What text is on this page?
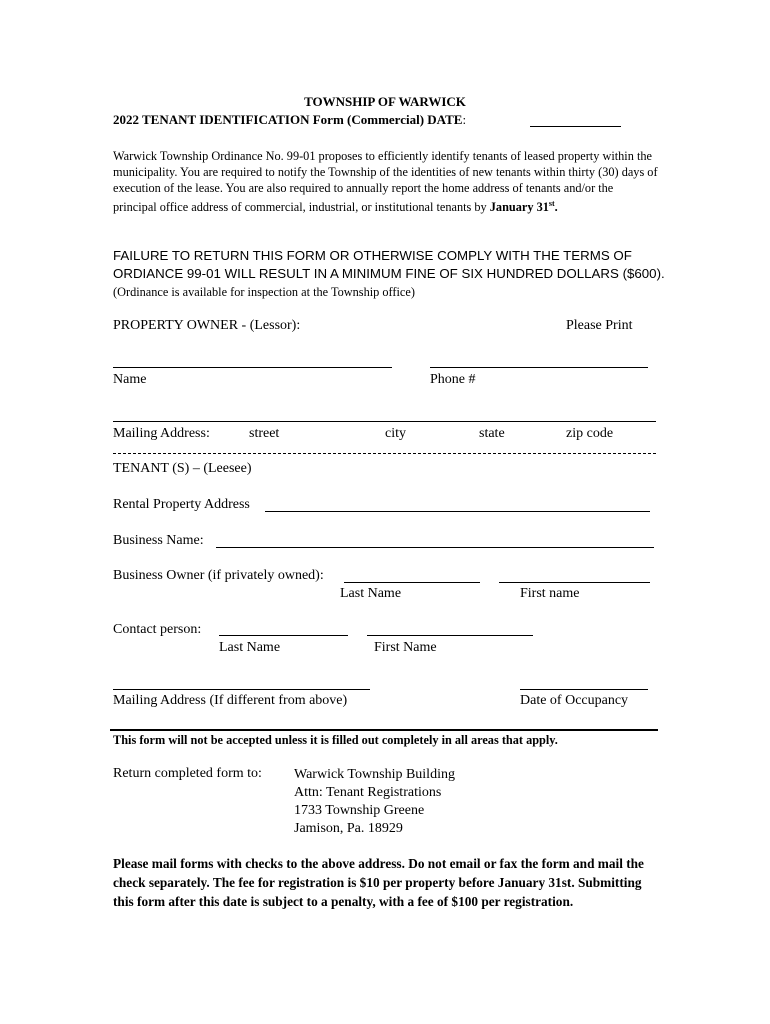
TOWNSHIP OF WARWICK
2022 TENANT IDENTIFICATION Form (Commercial) DATE:
Warwick Township Ordinance No. 99-01 proposes to efficiently identify tenants of leased property within the municipality. You are required to notify the Township of the identities of new tenants within thirty (30) days of execution of the lease. You are also required to annually report the home address of tenants and/or the principal office address of commercial, industrial, or institutional tenants by January 31st.
FAILURE TO RETURN THIS FORM OR OTHERWISE COMPLY WITH THE TERMS OF ORDIANCE 99-01 WILL RESULT IN A MINIMUM FINE OF SIX HUNDRED DOLLARS ($600). (Ordinance is available for inspection at the Township office)
PROPERTY OWNER - (Lessor):	Please Print
Name	Phone #
Mailing Address:	street	city	state	zip code
TENANT (S) – (Leesee)
Rental Property Address
Business Name:
Business Owner (if privately owned):
Last Name	First name
Contact person:
Last Name	First Name
Mailing Address (If different from above)	Date of Occupancy
This form will not be accepted unless it is filled out completely in all areas that apply.
Return completed form to: Warwick Township Building
Attn: Tenant Registrations
1733 Township Greene
Jamison, Pa. 18929
Please mail forms with checks to the above address. Do not email or fax the form and mail the check separately. The fee for registration is $10 per property before January 31st. Submitting this form after this date is subject to a penalty, with a fee of $100 per registration.
